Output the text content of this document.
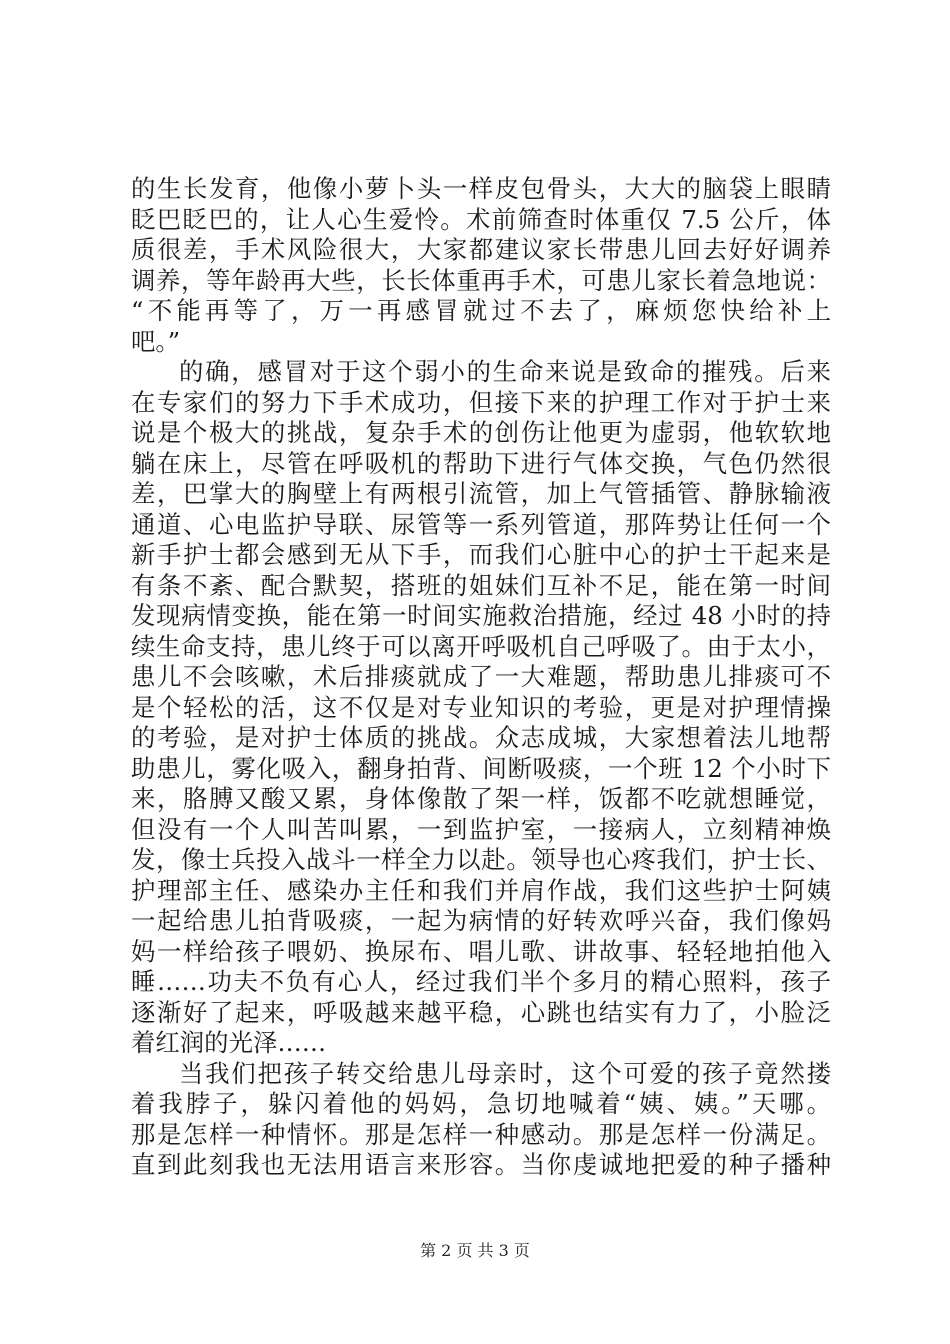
的生长发育，他像小萝卜头一样皮包骨头，大大的脑袋上眼睛
眨巴眨巴的，让人心生爱怜。术前筛查时体重仅 7.5 公斤，体
质很差，手术风险很大，大家都建议家长带患儿回去好好调养
调养，等年龄再大些，长长体重再手术，可患儿家长着急地说：
“不能再等了，万一再感冒就过不去了，麻烦您快给补上
吧。”
的确，感冒对于这个弱小的生命来说是致命的摧残。后来
在专家们的努力下手术成功，但接下来的护理工作对于护士来
说是个极大的挑战，复杂手术的创伤让他更为虚弱，他软软地
躺在床上，尽管在呼吸机的帮助下进行气体交换，气色仍然很
差，巴掌大的胸壁上有两根引流管，加上气管插管、静脉输液
通道、心电监护导联、尿管等一系列管道，那阵势让任何一个
新手护士都会感到无从下手，而我们心脏中心的护士干起来是
有条不紊、配合默契，搭班的姐妹们互补不足，能在第一时间
发现病情变换，能在第一时间实施救治措施，经过 48 小时的持
续生命支持，患儿终于可以离开呼吸机自己呼吸了。由于太小，
患儿不会咳嗽，术后排痰就成了一大难题，帮助患儿排痰可不
是个轻松的活，这不仅是对专业知识的考验，更是对护理情操
的考验，是对护士体质的挑战。众志成城，大家想着法儿地帮
助患儿，雾化吸入，翻身拍背、间断吸痰，一个班 12 个小时下
来，胳膊又酸又累，身体像散了架一样，饭都不吃就想睡觉，
但没有一个人叫苦叫累，一到监护室，一接病人，立刻精神焕
发，像士兵投入战斗一样全力以赴。领导也心疼我们，护士长、
护理部主任、感染办主任和我们并肩作战，我们这些护士阿姨
一起给患儿拍背吸痰，一起为病情的好转欢呼兴奋，我们像妈
妈一样给孩子喂奶、换尿布、唱儿歌、讲故事、轻轻地拍他入
睡……功夫不负有心人，经过我们半个多月的精心照料，孩子
逐渐好了起来，呼吸越来越平稳，心跳也结实有力了，小脸泛
着红润的光泽……
当我们把孩子转交给患儿母亲时，这个可爱的孩子竟然搂
着我脖子，躲闪着他的妈妈，急切地喊着“姨、姨。”天哪。
那是怎样一种情怀。那是怎样一种感动。那是怎样一份满足。
直到此刻我也无法用语言来形容。当你虔诚地把爱的种子播种
第 2 页 共 3 页
